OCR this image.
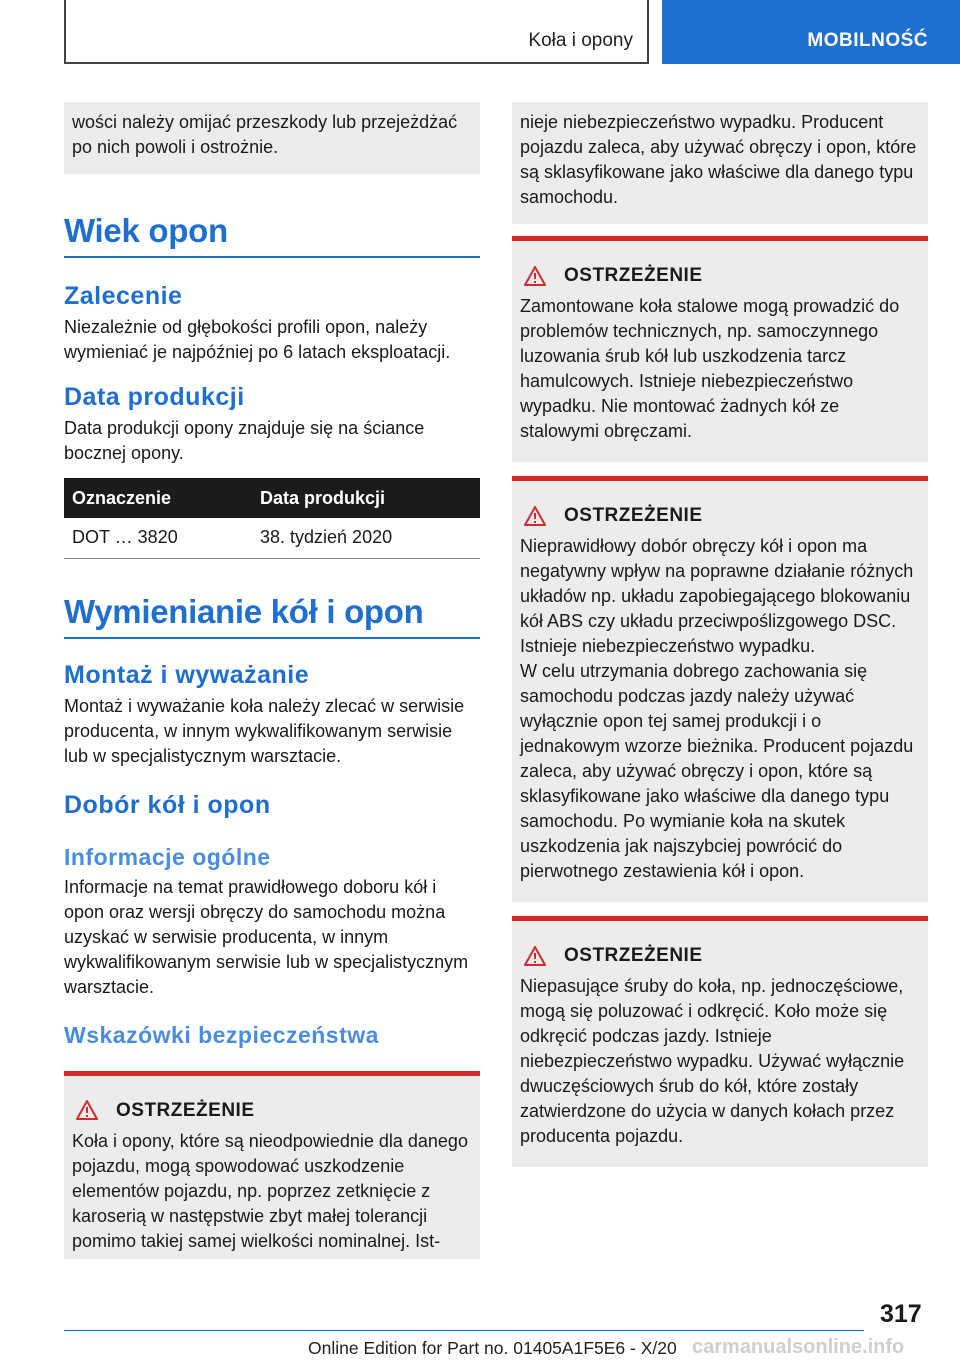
Koła i opony	MOBILNOŚĆ

wości należy omijać przeszkody lub przejeżdżać po nich powoli i ostrożnie.

Wiek opon
Zalecenie
Niezależnie od głębokości profili opon, należy wymieniać je najpóźniej po 6 latach eksploatacji.
Data produkcji
Data produkcji opony znajduje się na ściance bocznej opony.
Oznaczenie	Data produkcji
DOT … 3820	38. tydzień 2020
Wymienianie kół i opon
Montaż i wyważanie
Montaż i wyważanie koła należy zlecać w serwisie producenta, w innym wykwalifikowanym serwisie lub w specjalistycznym warsztacie.
Dobór kół i opon
Informacje ogólne
Informacje na temat prawidłowego doboru kół i opon oraz wersji obręczy do samochodu można uzyskać w serwisie producenta, w innym wykwalifikowanym serwisie lub w specjalistycznym warsztacie.
Wskazówki bezpieczeństwa
OSTRZEŻENIE
Koła i opony, które są nieodpowiednie dla danego pojazdu, mogą spowodować uszkodzenie elementów pojazdu, np. poprzez zetknięcie z karoserią w następstwie zbyt małej tolerancji pomimo takiej samej wielkości nominalnej. Ist-

nieje niebezpieczeństwo wypadku. Producent pojazdu zaleca, aby używać obręczy i opon, które są sklasyfikowane jako właściwe dla danego typu samochodu.

OSTRZEŻENIE
Zamontowane koła stalowe mogą prowadzić do problemów technicznych, np. samoczynnego luzowania śrub kół lub uszkodzenia tarcz hamulcowych. Istnieje niebezpieczeństwo wypadku. Nie montować żadnych kół ze stalowymi obręczami.
OSTRZEŻENIE
Nieprawidłowy dobór obręczy kół i opon ma negatywny wpływ na poprawne działanie różnych układów np. układu zapobiegającego blokowaniu kół ABS czy układu przeciwpoślizgowego DSC. Istnieje niebezpieczeństwo wypadku.
W celu utrzymania dobrego zachowania się samochodu podczas jazdy należy używać wyłącznie opon tej samej produkcji i o jednakowym wzorze bieżnika. Producent pojazdu zaleca, aby używać obręczy i opon, które są sklasyfikowane jako właściwe dla danego typu samochodu. Po wymianie koła na skutek uszkodzenia jak najszybciej powrócić do pierwotnego zestawienia kół i opon.
OSTRZEŻENIE
Niepasujące śruby do koła, np. jednoczęściowe, mogą się poluzować i odkręcić. Koło może się odkręcić podczas jazdy. Istnieje niebezpieczeństwo wypadku. Używać wyłącznie dwuczęściowych śrub do kół, które zostały zatwierdzone do użycia w danych kołach przez producenta pojazdu.
317
Online Edition for Part no. 01405A1F5E6 - X/20 carmanualsonline.info
